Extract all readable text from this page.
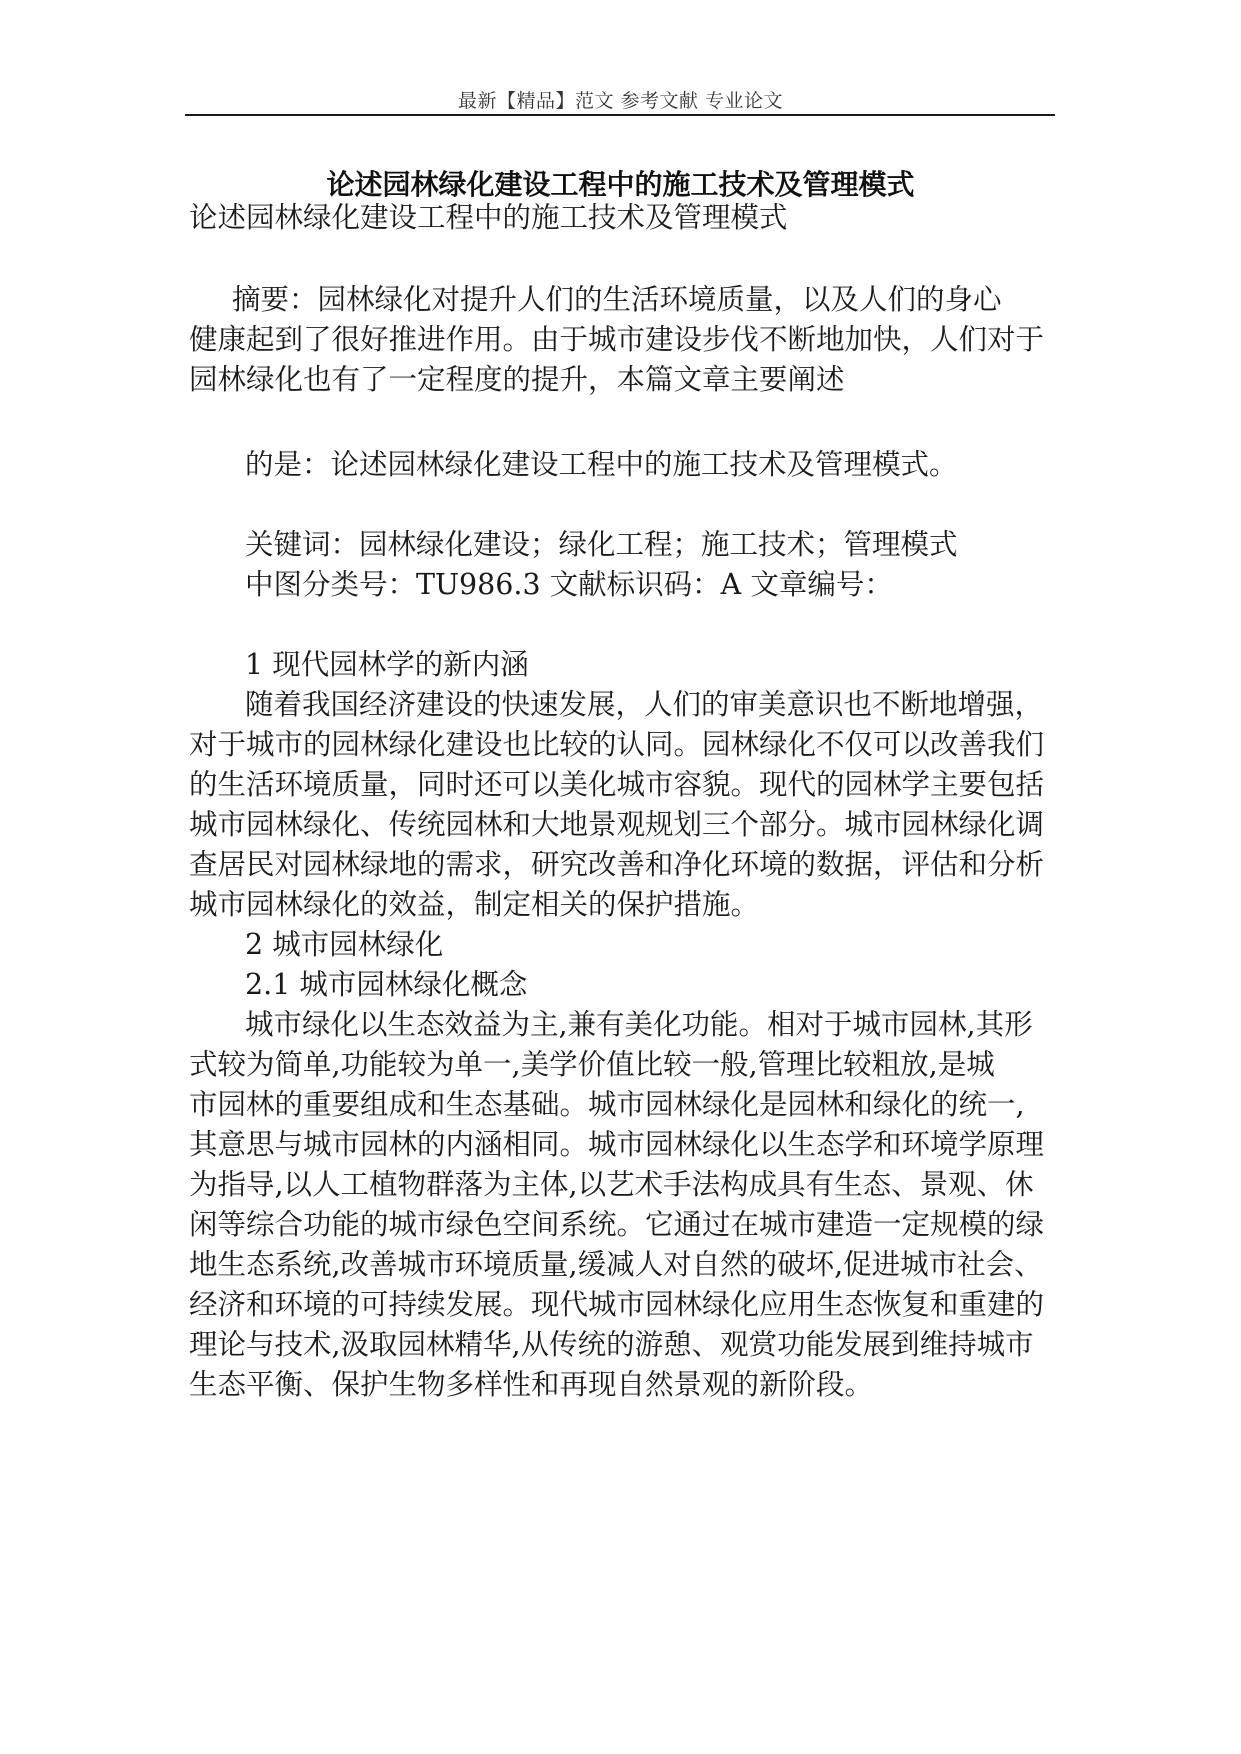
最新【精品】范文 参考文献 专业论文
论述园林绿化建设工程中的施工技术及管理模式
论述园林绿化建设工程中的施工技术及管理模式
摘要：园林绿化对提升人们的生活环境质量，以及人们的身心
健康起到了很好推进作用。由于城市建设步伐不断地加快，人们对于
园林绿化也有了一定程度的提升，本篇文章主要阐述
的是：论述园林绿化建设工程中的施工技术及管理模式。
关键词：园林绿化建设；绿化工程；施工技术；管理模式
中图分类号：TU986.3 文献标识码：A 文章编号：
1 现代园林学的新内涵
随着我国经济建设的快速发展，人们的审美意识也不断地增强，
对于城市的园林绿化建设也比较的认同。园林绿化不仅可以改善我们
的生活环境质量，同时还可以美化城市容貌。现代的园林学主要包括
城市园林绿化、传统园林和大地景观规划三个部分。城市园林绿化调
查居民对园林绿地的需求，研究改善和净化环境的数据，评估和分析
城市园林绿化的效益，制定相关的保护措施。
2 城市园林绿化
2.1 城市园林绿化概念
城市绿化以生态效益为主,兼有美化功能。相对于城市园林,其形
式较为简单,功能较为单一,美学价值比较一般,管理比较粗放,是城
市园林的重要组成和生态基础。城市园林绿化是园林和绿化的统一,
其意思与城市园林的内涵相同。城市园林绿化以生态学和环境学原理
为指导,以人工植物群落为主体,以艺术手法构成具有生态、景观、休
闲等综合功能的城市绿色空间系统。它通过在城市建造一定规模的绿
地生态系统,改善城市环境质量,缓减人对自然的破坏,促进城市社会、
经济和环境的可持续发展。现代城市园林绿化应用生态恢复和重建的
理论与技术,汲取园林精华,从传统的游憩、观赏功能发展到维持城市
生态平衡、保护生物多样性和再现自然景观的新阶段。
